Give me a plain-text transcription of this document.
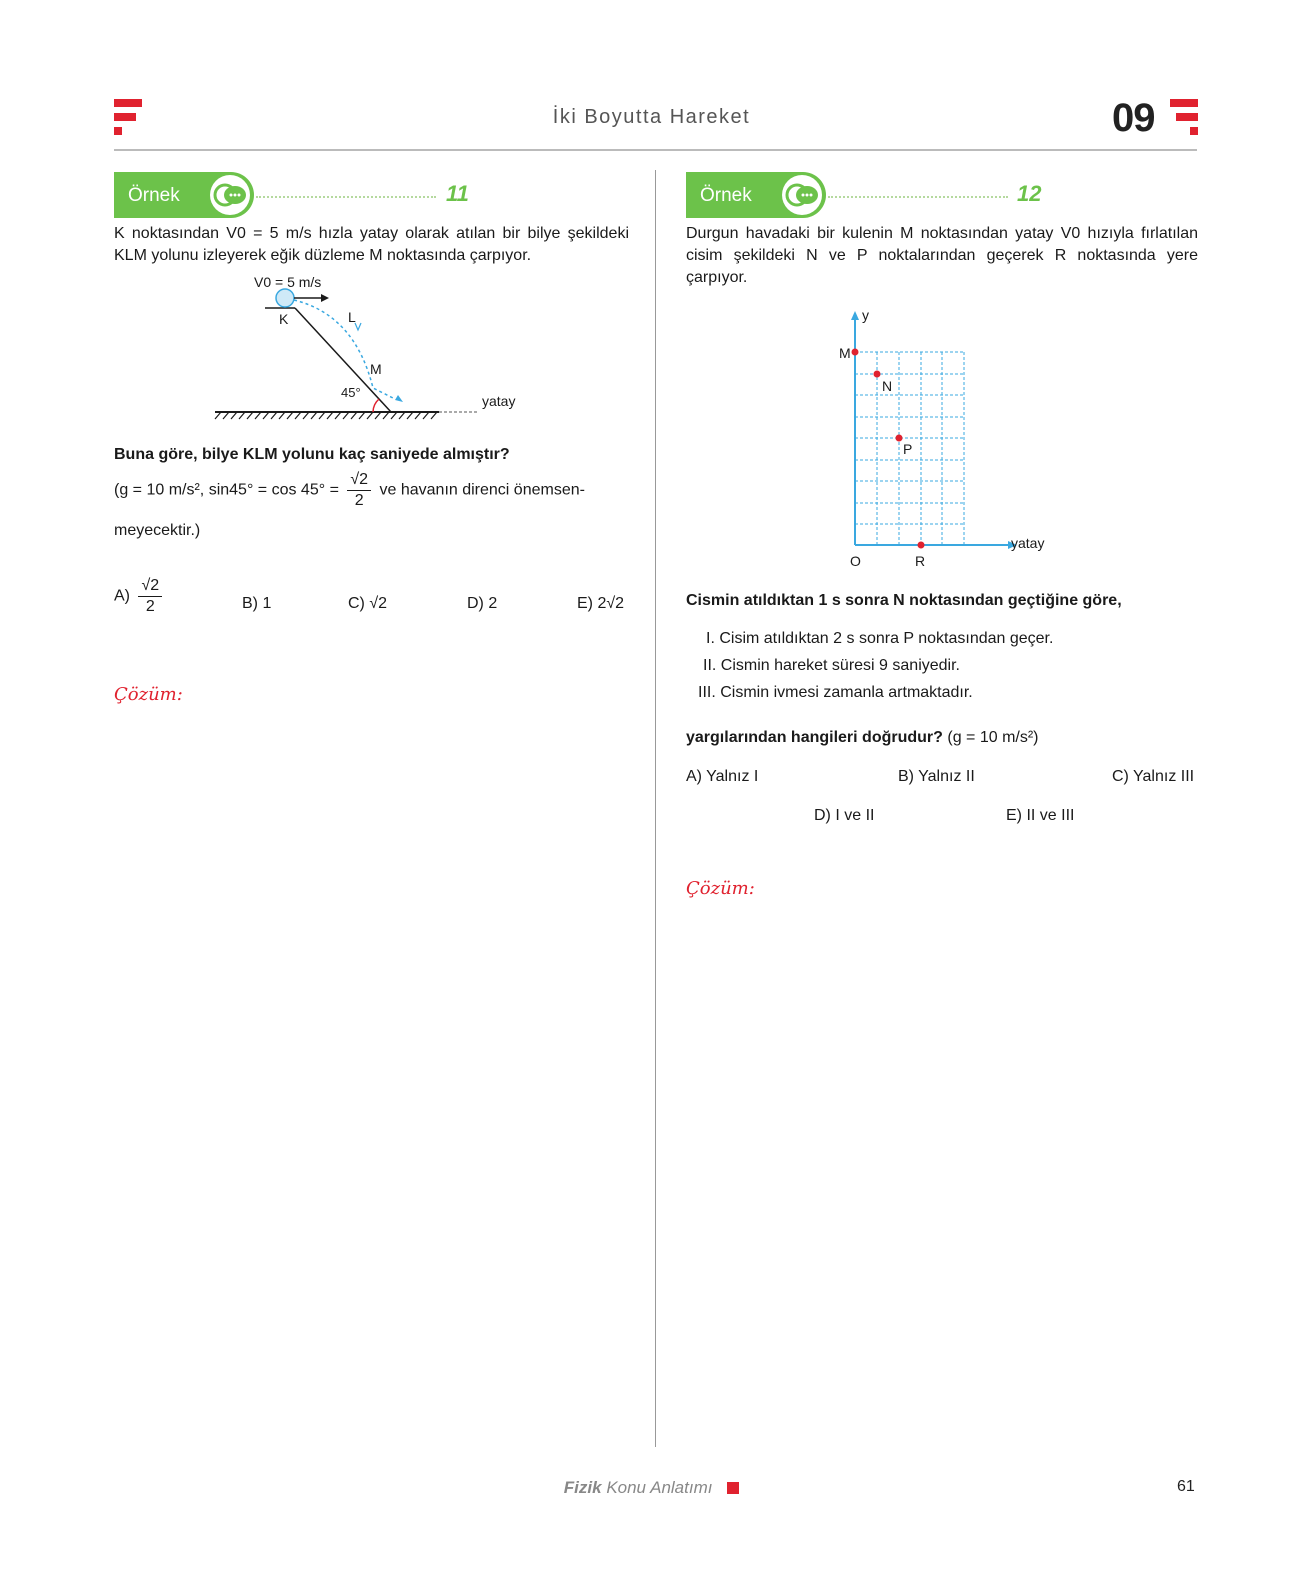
İki Boyutta Hareket	09
Örnek	11
K noktasından V0 = 5 m/s hızla yatay olarak atılan bir bilye şekildeki KLM yolunu izleyerek eğik düzleme M noktasında çarpıyor.
V0 = 5 m/s
K	L
M
45°
yatay
Buna göre, bilye KLM yolunu kaç saniyede almıştır?
(g = 10 m/s², $\sin 45^\circ = \cos 45^\circ = \frac{√2}{2}$ ve havanın direnci önemsen-
meyecektir.)
$A) \frac{√2}{2}$	B) 1	C) √2	D) 2	E) 2√2
Çözüm:
Örnek	12
Durgun havadaki bir kulenin M noktasından yatay V0 hızıyla fırlatılan cisim şekildeki N ve P noktalarından geçerek R noktasında yere çarpıyor.
y
M
N
P
O	R
yatay
Cismin atıldıktan 1 s sonra N noktasından geçtiğine göre,
I. Cisim atıldıktan 2 s sonra P noktasından geçer.
II. Cismin hareket süresi 9 saniyedir.
III. Cismin ivmesi zamanla artmaktadır.
yargılarından hangileri doğrudur? (g = 10 m/s²)
A) Yalnız I	B) Yalnız II	C) Yalnız III
D) I ve II	E) II ve III
Çözüm:
Fizik Konu Anlatımı	61
